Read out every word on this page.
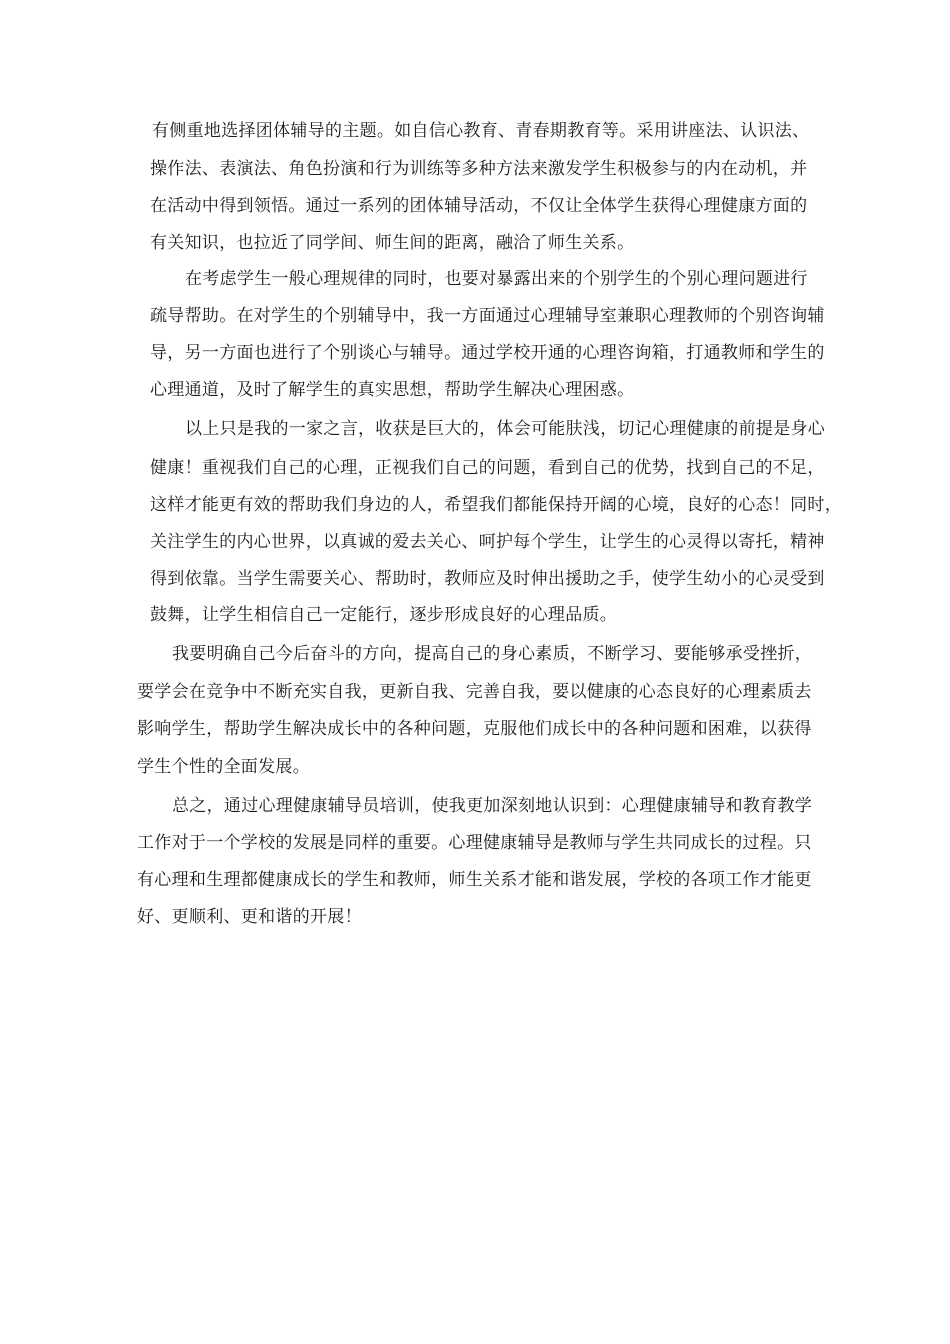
有侧重地选择团体辅导的主题。如自信心教育、青春期教育等。采用讲座法、认识法、
操作法、表演法、角色扮演和行为训练等多种方法来激发学生积极参与的内在动机，并
在活动中得到领悟。通过一系列的团体辅导活动，不仅让全体学生获得心理健康方面的
有关知识，也拉近了同学间、师生间的距离，融洽了师生关系。
在考虑学生一般心理规律的同时，也要对暴露出来的个别学生的个别心理问题进行
疏导帮助。在对学生的个别辅导中，我一方面通过心理辅导室兼职心理教师的个别咨询辅
导，另一方面也进行了个别谈心与辅导。通过学校开通的心理咨询箱，打通教师和学生的
心理通道，及时了解学生的真实思想，帮助学生解决心理困惑。
以上只是我的一家之言，收获是巨大的，体会可能肤浅，切记心理健康的前提是身心
健康！重视我们自己的心理，正视我们自己的问题，看到自己的优势，找到自己的不足，
这样才能更有效的帮助我们身边的人，希望我们都能保持开阔的心境，良好的心态！同时，
关注学生的内心世界，以真诚的爱去关心、呵护每个学生，让学生的心灵得以寄托，精神
得到依靠。当学生需要关心、帮助时，教师应及时伸出援助之手，使学生幼小的心灵受到
鼓舞，让学生相信自己一定能行，逐步形成良好的心理品质。
我要明确自己今后奋斗的方向，提高自己的身心素质，不断学习、要能够承受挫折，
要学会在竞争中不断充实自我，更新自我、完善自我，要以健康的心态良好的心理素质去
影响学生，帮助学生解决成长中的各种问题，克服他们成长中的各种问题和困难，以获得
学生个性的全面发展。
总之，通过心理健康辅导员培训，使我更加深刻地认识到：心理健康辅导和教育教学
工作对于一个学校的发展是同样的重要。心理健康辅导是教师与学生共同成长的过程。只
有心理和生理都健康成长的学生和教师，师生关系才能和谐发展，学校的各项工作才能更
好、更顺利、更和谐的开展！
